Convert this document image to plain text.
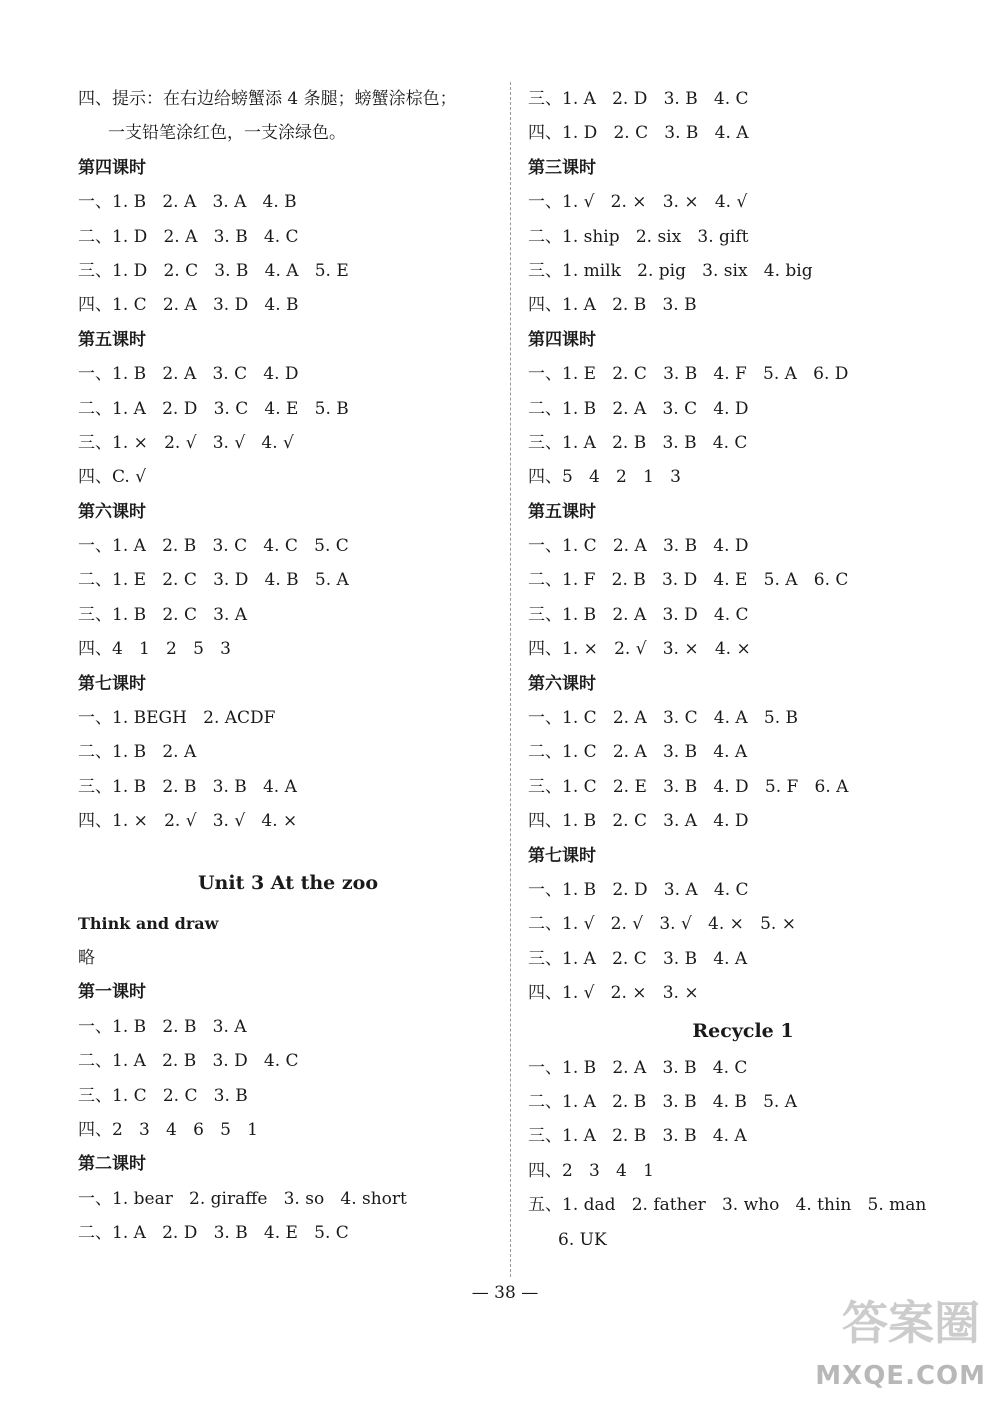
四、提示：在右边给螃蟹添 4 条腿；螃蟹涂棕色；
一支铅笔涂红色，一支涂绿色。
第四课时
一、1. B   2. A   3. A   4. B
二、1. D   2. A   3. B   4. C
三、1. D   2. C   3. B   4. A   5. E
四、1. C   2. A   3. D   4. B
第五课时
一、1. B   2. A   3. C   4. D
二、1. A   2. D   3. C   4. E   5. B
三、1. ×   2. √   3. √   4. √
四、C. √
第六课时
一、1. A   2. B   3. C   4. C   5. C
二、1. E   2. C   3. D   4. B   5. A
三、1. B   2. C   3. A
四、4   1   2   5   3
第七课时
一、1. BEGH   2. ACDF
二、1. B   2. A
三、1. B   2. B   3. B   4. A
四、1. ×   2. √   3. √   4. ×
Unit 3 At the zoo
Think and draw
略
第一课时
一、1. B   2. B   3. A
二、1. A   2. B   3. D   4. C
三、1. C   2. C   3. B
四、2   3   4   6   5   1
第二课时
一、1. bear   2. giraffe   3. so   4. short
二、1. A   2. D   3. B   4. E   5. C
三、1. A   2. D   3. B   4. C
四、1. D   2. C   3. B   4. A
第三课时
一、1. √   2. ×   3. ×   4. √
二、1. ship   2. six   3. gift
三、1. milk   2. pig   3. six   4. big
四、1. A   2. B   3. B
第四课时
一、1. E   2. C   3. B   4. F   5. A   6. D
二、1. B   2. A   3. C   4. D
三、1. A   2. B   3. B   4. C
四、5   4   2   1   3
第五课时
一、1. C   2. A   3. B   4. D
二、1. F   2. B   3. D   4. E   5. A   6. C
三、1. B   2. A   3. D   4. C
四、1. ×   2. √   3. ×   4. ×
第六课时
一、1. C   2. A   3. C   4. A   5. B
二、1. C   2. A   3. B   4. A
三、1. C   2. E   3. B   4. D   5. F   6. A
四、1. B   2. C   3. A   4. D
第七课时
一、1. B   2. D   3. A   4. C
二、1. √   2. √   3. √   4. ×   5. ×
三、1. A   2. C   3. B   4. A
四、1. √   2. ×   3. ×
Recycle 1
一、1. B   2. A   3. B   4. C
二、1. A   2. B   3. B   4. B   5. A
三、1. A   2. B   3. B   4. A
四、2   3   4   1
五、1. dad   2. father   3. who   4. thin   5. man
6. UK
— 38 —
答案圈
MXQE.COM
